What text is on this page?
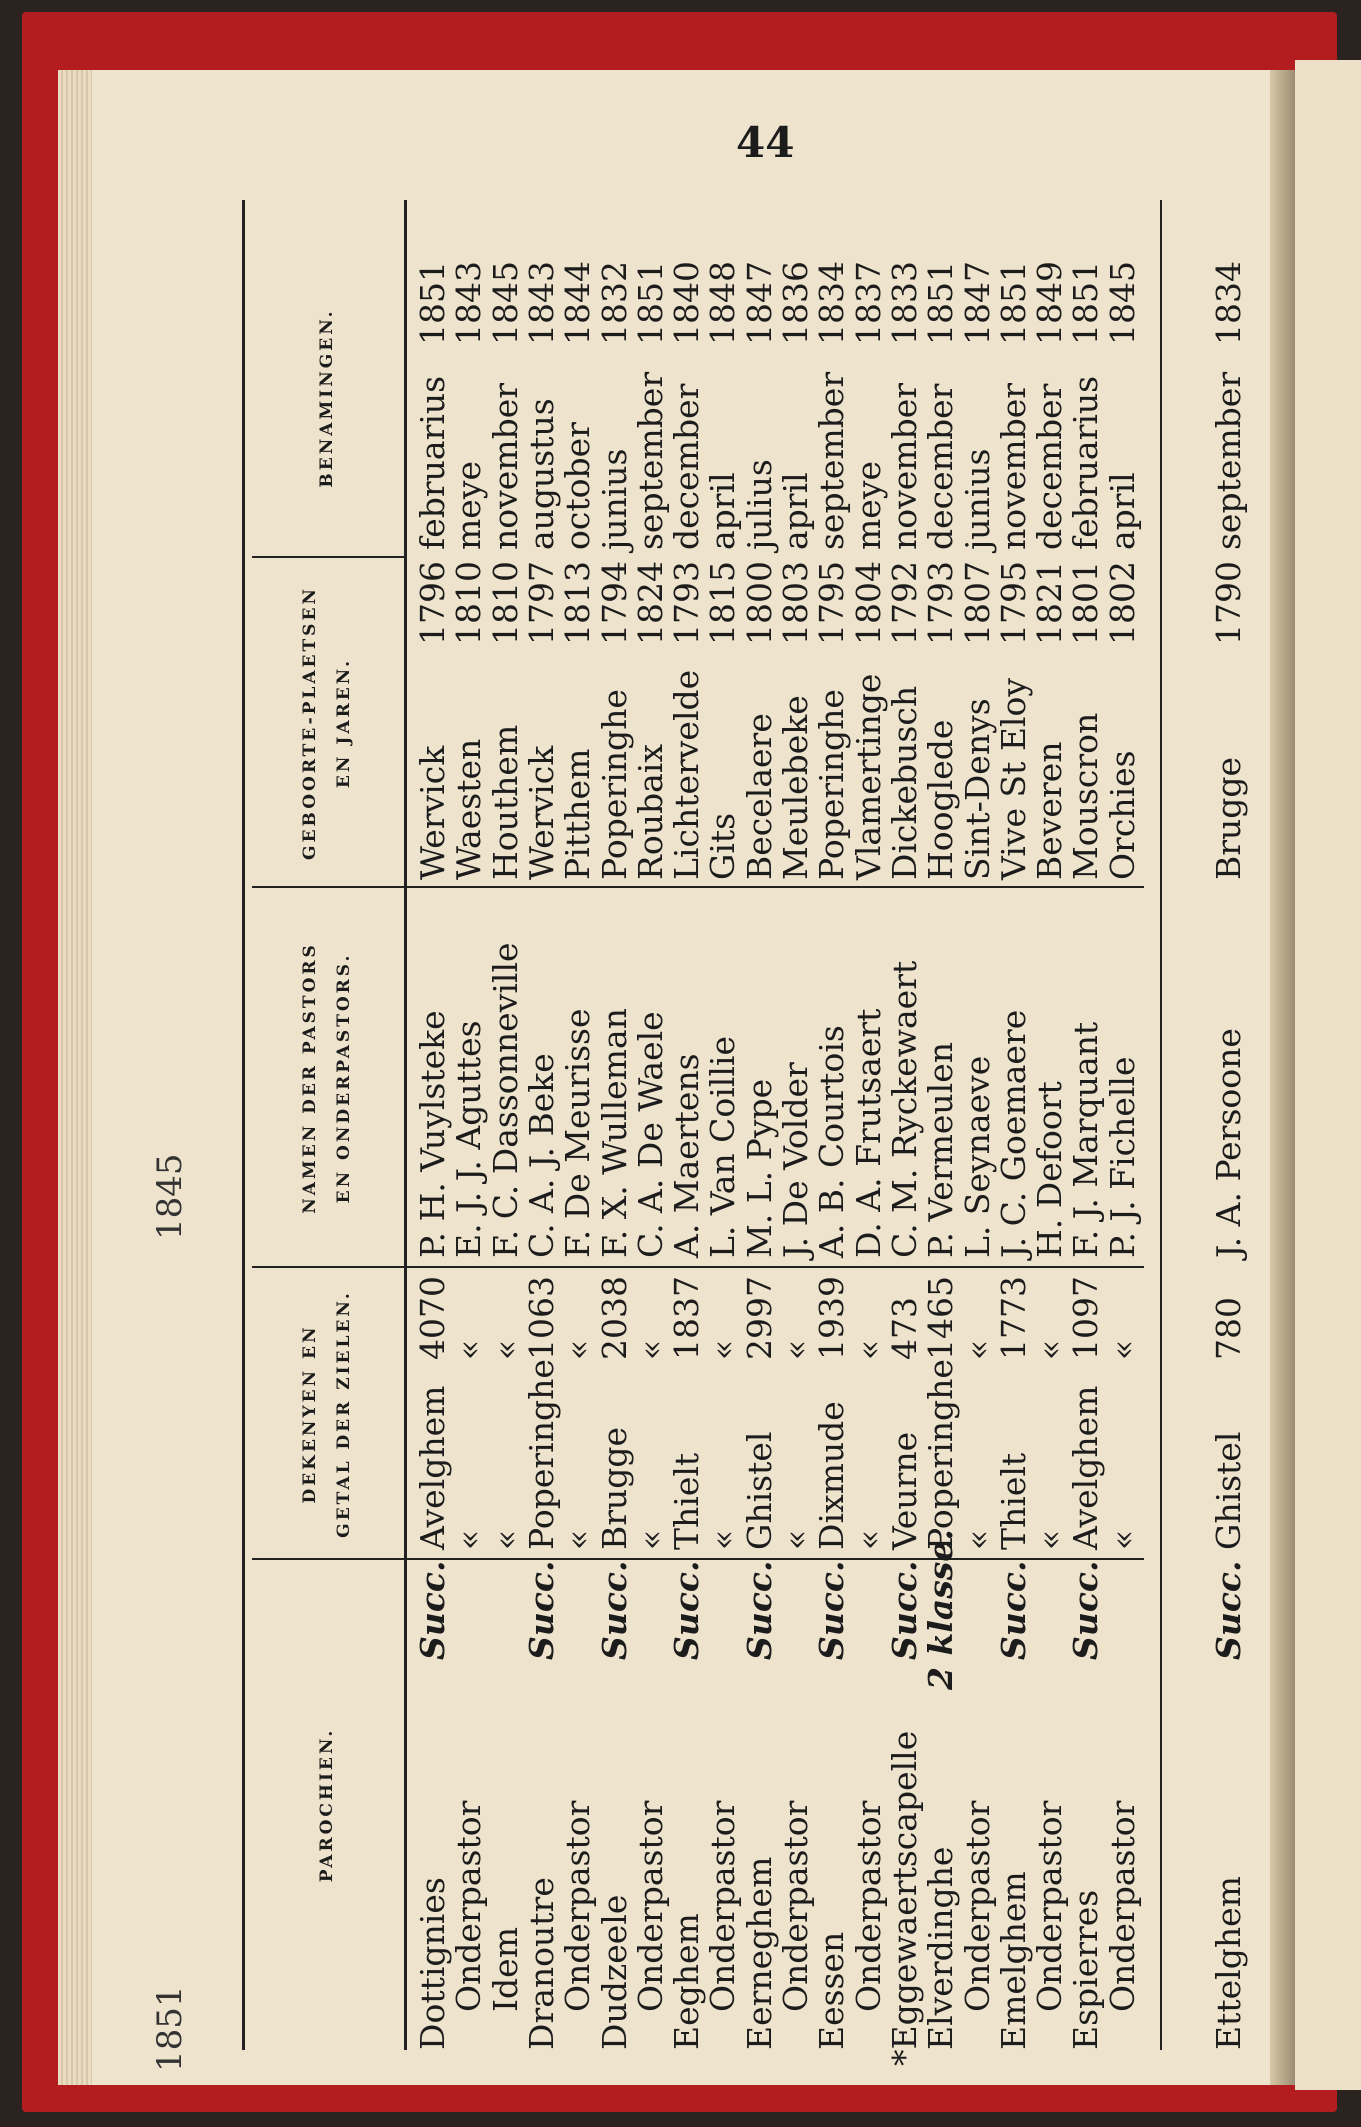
1851
1845
44
PAROCHIEN.
DEKENYEN EN GETAL DER ZIELEN.
NAMEN DER PASTORS EN ONDERPASTORS.
GEBOORTE-PLAETSEN EN JAREN.
BENAMINGEN.
Dottignies
Succ.
Avelghem
4070
P. H. Vuylsteke
Wervick
1796
februarius
1851
Onderpastor
«
«
E. J. J. Aguttes
Waesten
1810
meye
1843
Idem
«
«
F. C. Dassonneville
Houthem
1810
november
1845
Dranoutre
Succ.
Poperinghe
1063
C. A. J. Beke
Wervick
1797
augustus
1843
Onderpastor
«
«
F. De Meurisse
Pitthem
1813
october
1844
Dudzeele
Succ.
Brugge
2038
F. X. Wulleman
Poperinghe
1794
junius
1832
Onderpastor
«
«
C. A. De Waele
Roubaix
1824
september
1851
Eeghem
Succ.
Thielt
1837
A. Maertens
Lichtervelde
1793
december
1840
Onderpastor
«
«
L. Van Coillie
Gits
1815
april
1848
Eerneghem
Succ.
Ghistel
2997
M. L. Pype
Becelaere
1800
julius
1847
Onderpastor
«
«
J. De Volder
Meulebeke
1803
april
1836
Eessen
Succ.
Dixmude
1939
A. B. Courtois
Poperinghe
1795
september
1834
Onderpastor
«
«
D. A. Frutsaert
Vlamertinge
1804
meye
1837
*Eggewaertscapelle
Succ.
Veurne
473
C. M. Ryckewaert
Dickebusch
1792
november
1833
Elverdinghe
2 klasse.
Poperinghe
1465
P. Vermeulen
Hooglede
1793
december
1851
Onderpastor
«
«
L. Seynaeve
Sint-Denys
1807
junius
1847
Emelghem
Succ.
Thielt
1773
J. C. Goemaere
Vive St Eloy
1795
november
1851
Onderpastor
«
«
H. Defoort
Beveren
1821
december
1849
Espierres
Succ.
Avelghem
1097
F. J. Marquant
Mouscron
1801
februarius
1851
Onderpastor
«
«
P. J. Fichelle
Orchies
1802
april
1845
Ettelghem
Succ.
Ghistel
780
J. A. Persoone
Brugge
1790
september
1834
